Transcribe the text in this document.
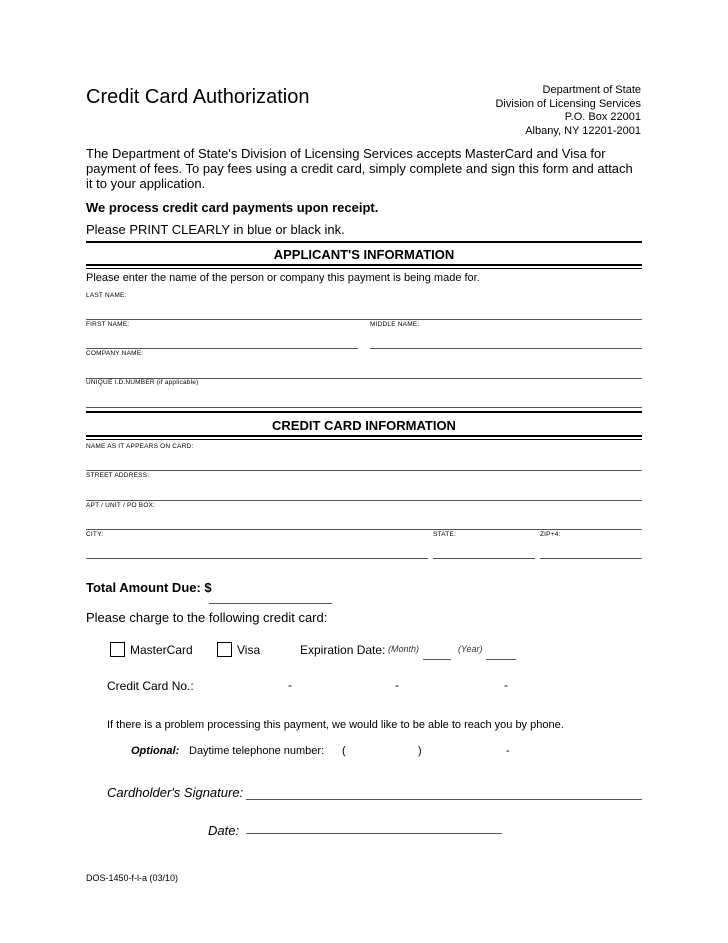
Credit Card Authorization	Department of State
Division of Licensing Services
P.O. Box 22001
Albany, NY 12201-2001
The Department of State's Division of Licensing Services accepts MasterCard and Visa for
payment of fees. To pay fees using a credit card, simply complete and sign this form and attach
it to your application.
We process credit card payments upon receipt.
Please PRINT CLEARLY in blue or black ink.
APPLICANT'S INFORMATION
Please enter the name of the person or company this payment is being made for.
LAST NAME:
FIRST NAME:	MIDDLE NAME:
COMPANY NAME:
UNIQUE I.D.NUMBER (if applicable)
CREDIT CARD INFORMATION
NAME AS IT APPEARS ON CARD:
STREET ADDRESS:
APT / UNIT / PO BOX:
CITY:	STATE:	ZIP+4:
Total Amount Due: $
Please charge to the following credit card:
MasterCard	Visa	Expiration Date: (Month)	(Year)
Credit Card No.:	-	-	-
If there is a problem processing this payment, we would like to be able to reach you by phone.
Optional: Daytime telephone number: (	)	-
Cardholder's Signature:
Date:
DOS-1450-f-l-a (03/10)
